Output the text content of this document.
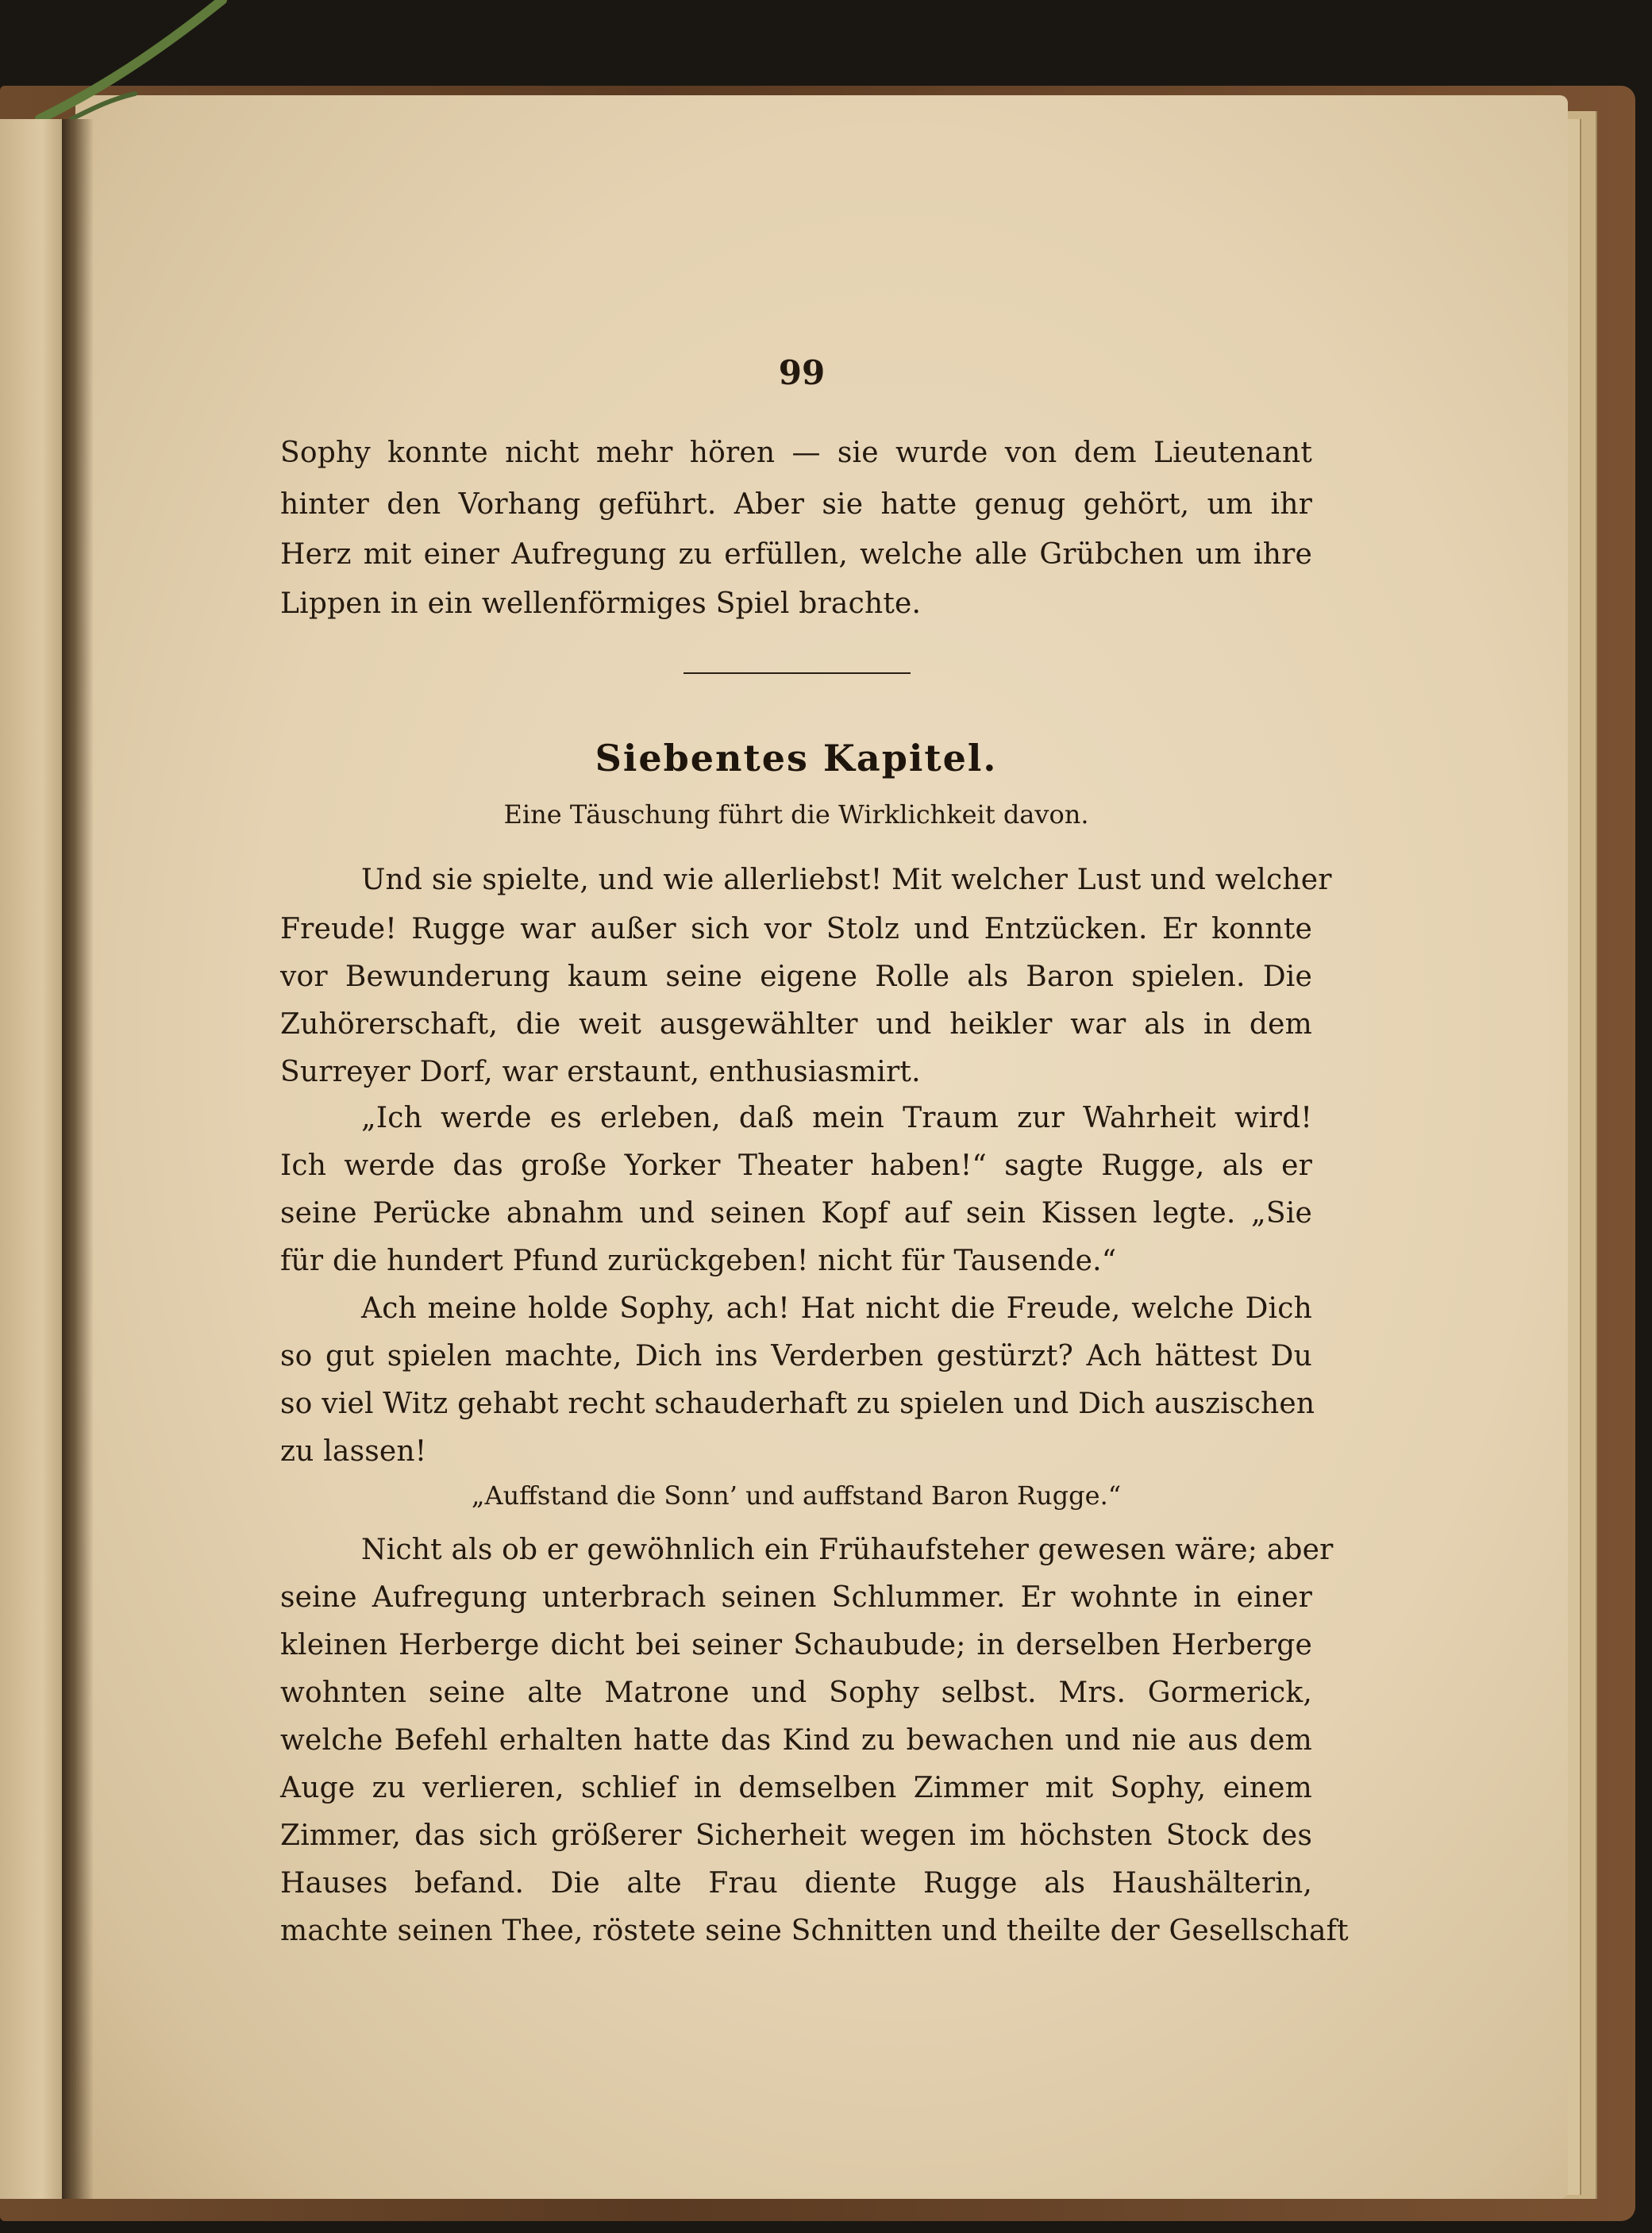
99
Sophy konnte nicht mehr hören — sie wurde von dem Lieutenant
hinter den Vorhang geführt. Aber sie hatte genug gehört, um ihr
Herz mit einer Aufregung zu erfüllen, welche alle Grübchen um ihre
Lippen in ein wellenförmiges Spiel brachte.
Siebentes Kapitel.
Eine Täuschung führt die Wirklichkeit davon.
Und sie spielte, und wie allerliebst! Mit welcher Lust und welcher
Freude! Rugge war außer sich vor Stolz und Entzücken. Er konnte
vor Bewunderung kaum seine eigene Rolle als Baron spielen. Die
Zuhörerschaft, die weit ausgewählter und heikler war als in dem
Surreyer Dorf, war erstaunt, enthusiasmirt.
„Ich werde es erleben, daß mein Traum zur Wahrheit wird!
Ich werde das große Yorker Theater haben!“ sagte Rugge, als er
seine Perücke abnahm und seinen Kopf auf sein Kissen legte. „Sie
für die hundert Pfund zurückgeben! nicht für Tausende.“
Ach meine holde Sophy, ach! Hat nicht die Freude, welche Dich
so gut spielen machte, Dich ins Verderben gestürzt? Ach hättest Du
so viel Witz gehabt recht schauderhaft zu spielen und Dich auszischen
zu lassen!
„Auffstand die Sonn’ und auffstand Baron Rugge.“
Nicht als ob er gewöhnlich ein Frühaufsteher gewesen wäre; aber
seine Aufregung unterbrach seinen Schlummer. Er wohnte in einer
kleinen Herberge dicht bei seiner Schaubude; in derselben Herberge
wohnten seine alte Matrone und Sophy selbst. Mrs. Gormerick,
welche Befehl erhalten hatte das Kind zu bewachen und nie aus dem
Auge zu verlieren, schlief in demselben Zimmer mit Sophy, einem
Zimmer, das sich größerer Sicherheit wegen im höchsten Stock des
Hauses befand. Die alte Frau diente Rugge als Haushälterin,
machte seinen Thee, röstete seine Schnitten und theilte der Gesellschaft
